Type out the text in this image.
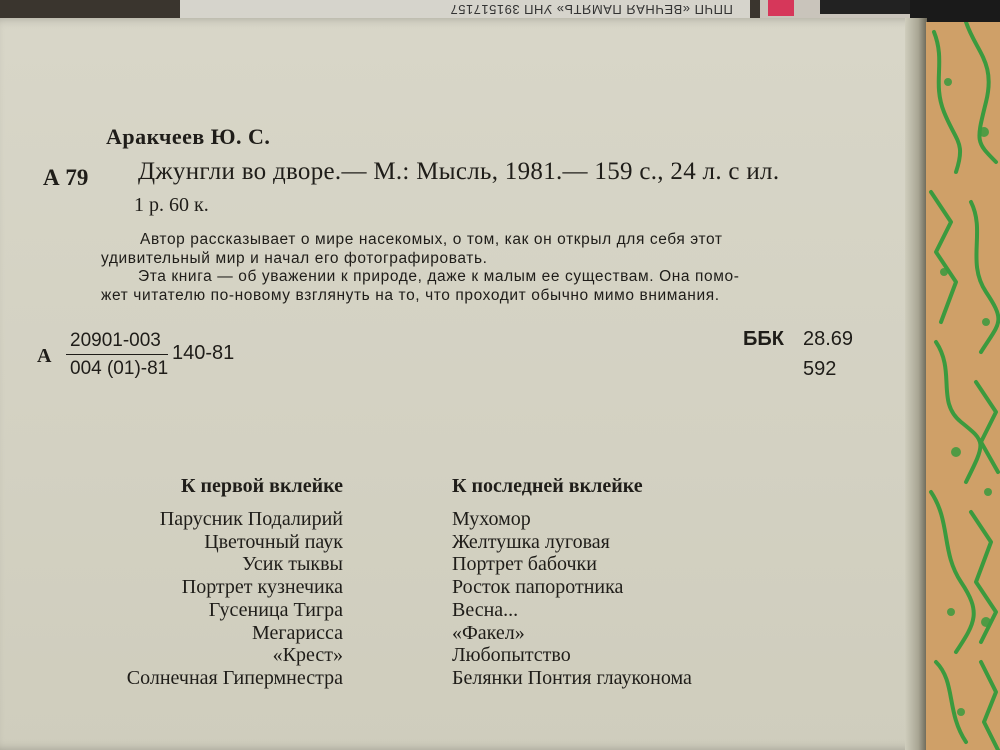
ППЧП «ВЕЧНАЯ ПАМЯТЬ» УНП 391517157
Аракчеев Ю. С.
А 79 Джунгли во дворе.— М.: Мысль, 1981.— 159 с., 24 л. с ил.
1 р. 60 к.
Автор рассказывает о мире насекомых, о том, как он открыл для себя этот
удивительный мир и начал его фотографировать.
Эта книга — об уважении к природе, даже к малым ее существам. Она помо-
жет читателю по-новому взглянуть на то, что проходит обычно мимо внимания.
А
20901-003
004 (01)-81
140-81
ББК 28.69
592
К первой вклейке	К последней вклейке
Парусник Подалирий
Цветочный паук
Усик тыквы
Портрет кузнечика
Гусеница Тигра
Мегарисса
«Крест»
Солнечная Гипермнестра
Мухомор
Желтушка луговая
Портрет бабочки
Росток папоротника
Весна...
«Факел»
Любопытство
Белянки Понтия глауконома
